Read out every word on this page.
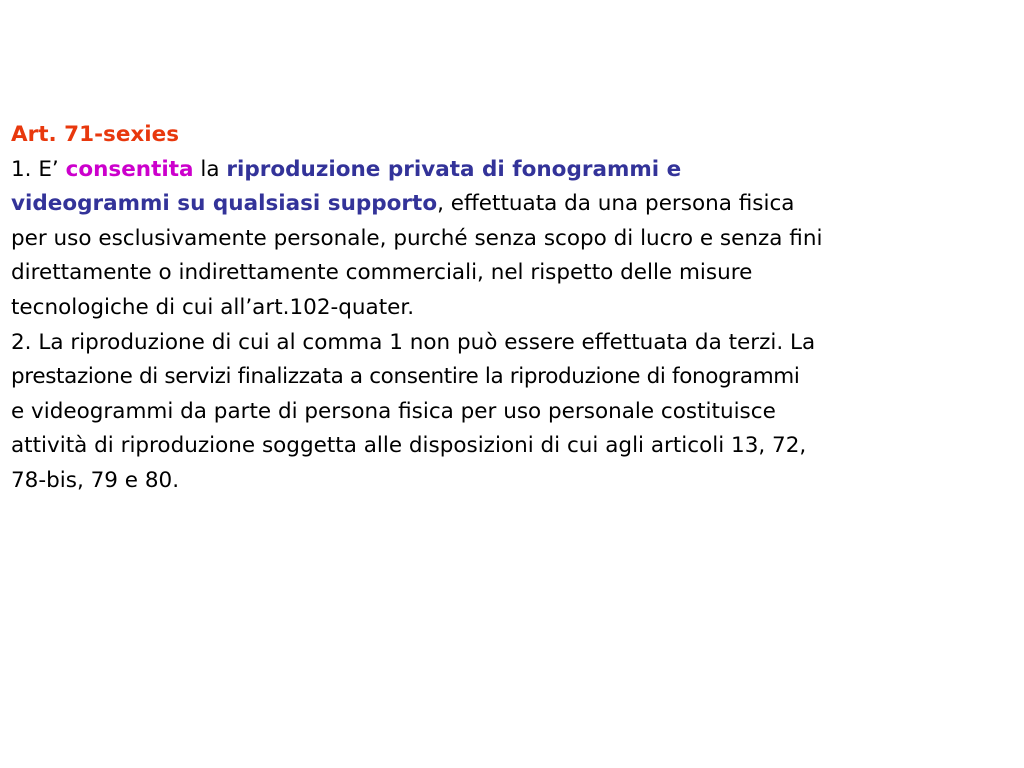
Art. 71-sexies
1. E’ consentita la riproduzione privata di fonogrammi e
videogrammi su qualsiasi supporto, effettuata da una persona fisica
per uso esclusivamente personale, purché senza scopo di lucro e senza fini
direttamente o indirettamente commerciali, nel rispetto delle misure
tecnologiche di cui all’art.102-quater.
2. La riproduzione di cui al comma 1 non può essere effettuata da terzi. La
prestazione di servizi finalizzata a consentire la riproduzione di fonogrammi
e videogrammi da parte di persona fisica per uso personale costituisce
attività di riproduzione soggetta alle disposizioni di cui agli articoli 13, 72,
78-bis, 79 e 80.
